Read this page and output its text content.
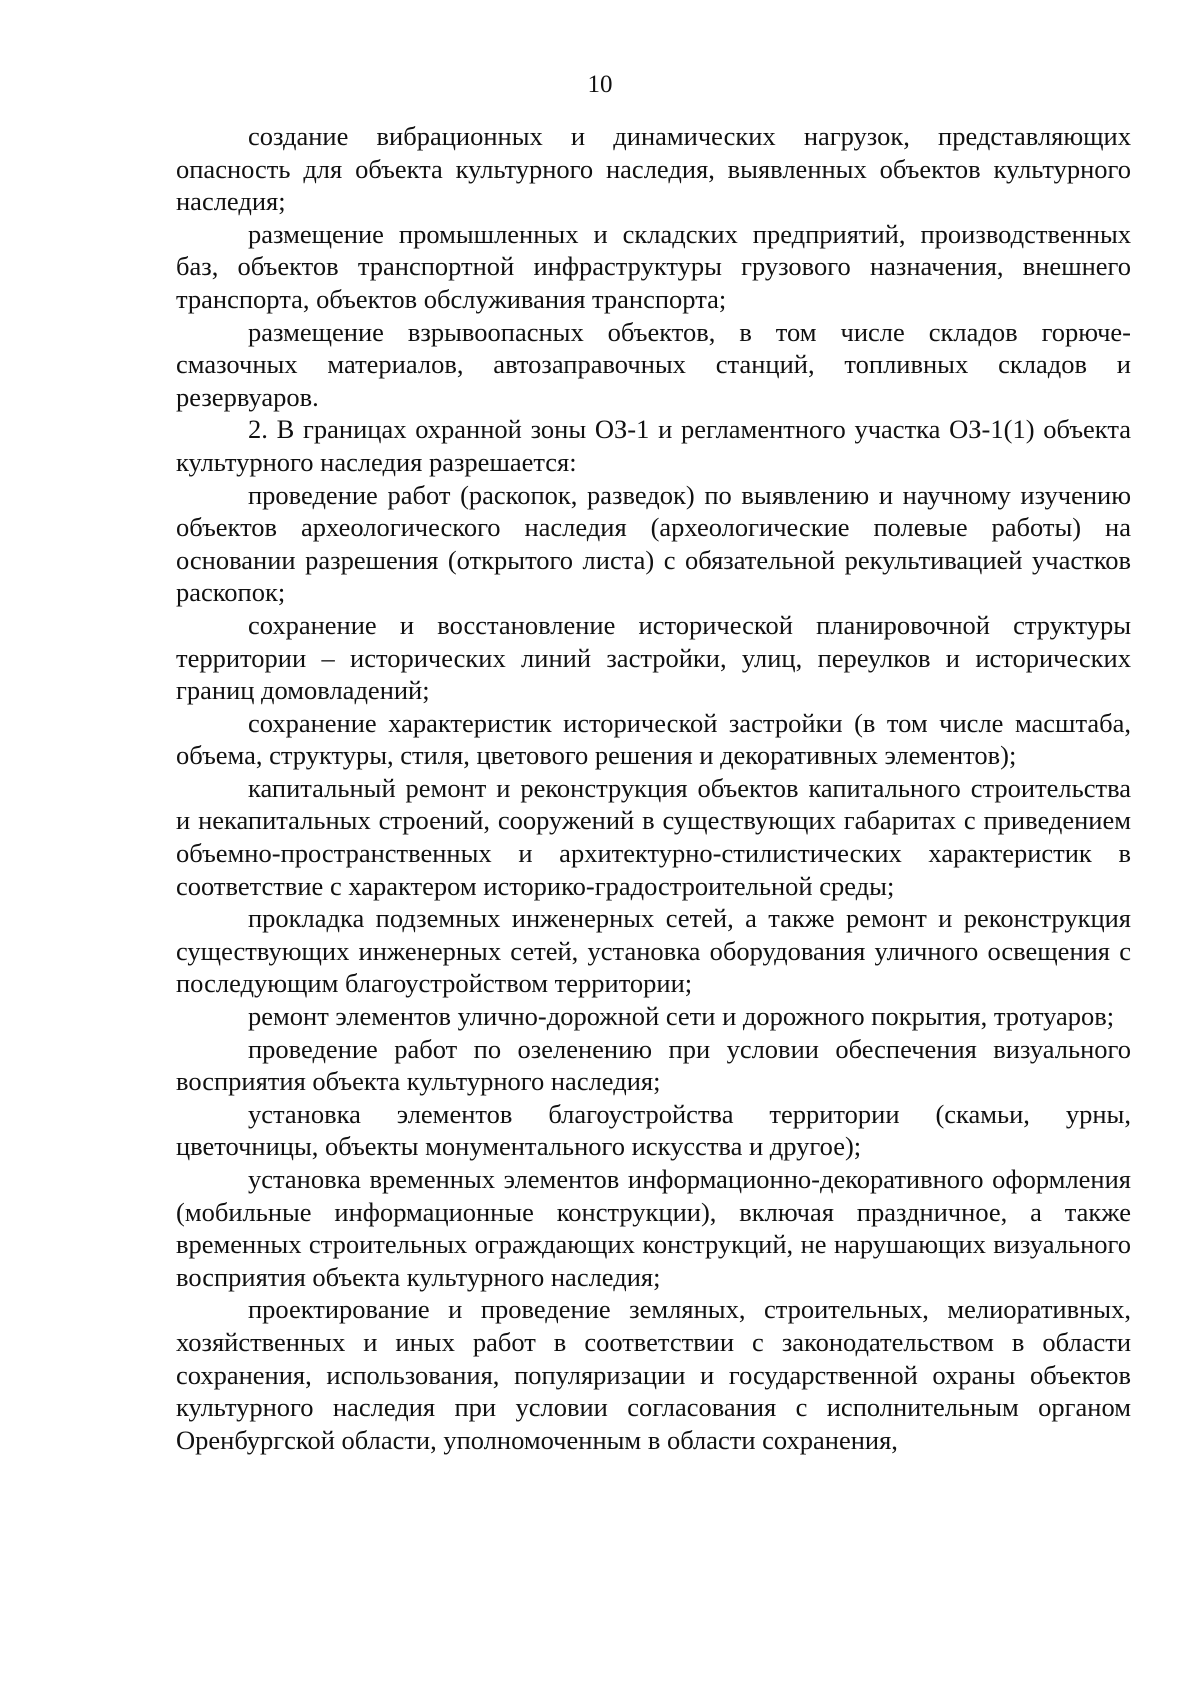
10

создание вибрационных и динамических нагрузок, представляющих опасность для объекта культурного наследия, выявленных объектов культурного наследия;

размещение промышленных и складских предприятий, производственных баз, объектов транспортной инфраструктуры грузового назначения, внешнего транспорта, объектов обслуживания транспорта;

размещение взрывоопасных объектов, в том числе складов горюче-смазочных материалов, автозаправочных станций, топливных складов и резервуаров.

2. В границах охранной зоны ОЗ-1 и регламентного участка ОЗ-1(1) объекта культурного наследия разрешается:

проведение работ (раскопок, разведок) по выявлению и научному изучению объектов археологического наследия (археологические полевые работы) на основании разрешения (открытого листа) с обязательной рекультивацией участков раскопок;

сохранение и восстановление исторической планировочной структуры территории – исторических линий застройки, улиц, переулков и исторических границ домовладений;

сохранение характеристик исторической застройки (в том числе масштаба, объема, структуры, стиля, цветового решения и декоративных элементов);

капитальный ремонт и реконструкция объектов капитального строительства и некапитальных строений, сооружений в существующих габаритах с приведением объемно-пространственных и архитектурно-стилистических характеристик в соответствие с характером историко-градостроительной среды;

прокладка подземных инженерных сетей, а также ремонт и реконструкция существующих инженерных сетей, установка оборудования уличного освещения с последующим благоустройством территории;

ремонт элементов улично-дорожной сети и дорожного покрытия, тротуаров;

проведение работ по озеленению при условии обеспечения визуального восприятия объекта культурного наследия;

установка элементов благоустройства территории (скамьи, урны, цветочницы, объекты монументального искусства и другое);

установка временных элементов информационно-декоративного оформления (мобильные информационные конструкции), включая праздничное, а также временных строительных ограждающих конструкций, не нарушающих визуального восприятия объекта культурного наследия;

проектирование и проведение земляных, строительных, мелиоративных, хозяйственных и иных работ в соответствии с законодательством в области сохранения, использования, популяризации и государственной охраны объектов культурного наследия при условии согласования с исполнительным органом Оренбургской области, уполномоченным в области сохранения,
